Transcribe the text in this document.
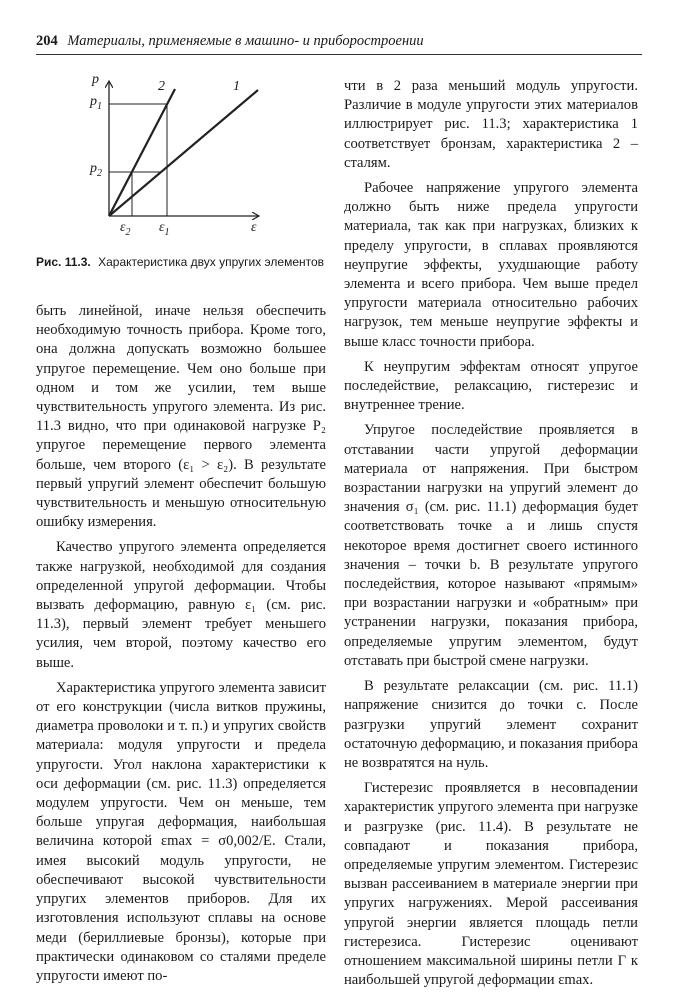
204 Материалы, применяемые в машино- и приборостроении
p
$p_1$
$p_2$
$\varepsilon_2$ $\varepsilon_1$	ε
2	1
Рис. 11.3. Характеристика двух упругих элементов

быть линейной, иначе нельзя обеспечить необходимую точность прибора. Кроме того, она должна допускать возможно большее упругое перемещение. Чем оно больше при одном и том же усилии, тем выше чувствительность упругого элемента. Из рис. 11.3 видно, что при одинаковой нагрузке P₂ упругое перемещение первого элемента больше, чем второго (ε₁ > ε₂). В результате первый упругий элемент обеспечит большую чувствительность и меньшую относительную ошибку измерения.

Качество упругого элемента определяется также нагрузкой, необходимой для создания определенной упругой деформации. Чтобы вызвать деформацию, равную ε₁ (см. рис. 11.3), первый элемент требует меньшего усилия, чем второй, поэтому качество его выше.

Характеристика упругого элемента зависит от его конструкции (числа витков пружины, диаметра проволоки и т. п.) и упругих свойств материала: модуля упругости и предела упругости. Угол наклона характеристики к оси деформации (см. рис. 11.3) определяется модулем упругости. Чем он меньше, тем больше упругая деформация, наибольшая величина которой εmax = σ0,002/E. Стали, имея высокий модуль упругости, не обеспечивают высокой чувствительности упругих элементов приборов. Для их изготовления используют сплавы на основе меди (бериллиевые бронзы), которые при практически одинаковом со сталями пределе упругости имеют по-

чти в 2 раза меньший модуль упругости. Различие в модуле упругости этих материалов иллюстрирует рис. 11.3; характеристика 1 соответствует бронзам, характеристика 2 – сталям.

Рабочее напряжение упругого элемента должно быть ниже предела упругости материала, так как при нагрузках, близких к пределу упругости, в сплавах проявляются неупругие эффекты, ухудшающие работу элемента и всего прибора. Чем выше предел упругости материала относительно рабочих нагрузок, тем меньше неупругие эффекты и выше класс точности прибора.

К неупругим эффектам относят упругое последействие, релаксацию, гистерезис и внутреннее трение.

Упругое последействие проявляется в отставании части упругой деформации материала от напряжения. При быстром возрастании нагрузки на упругий элемент до значения σ₁ (см. рис. 11.1) деформация будет соответствовать точке a и лишь спустя некоторое время достигнет своего истинного значения – точки b. В результате упругого последействия, которое называют «прямым» при возрастании нагрузки и «обратным» при устранении нагрузки, показания прибора, определяемые упругим элементом, будут отставать при быстрой смене нагрузки.

В результате релаксации (см. рис. 11.1) напряжение снизится до точки c. После разгрузки упругий элемент сохранит остаточную деформацию, и показания прибора не возвратятся на нуль.

Гистерезис проявляется в несовпадении характеристик упругого элемента при нагрузке и разгрузке (рис. 11.4). В результате не совпадают и показания прибора, определяемые упругим элементом. Гистерезис вызван рассеиванием в материале энергии при упругих нагружениях. Мерой рассеивания упругой энергии является площадь петли гистерезиса. Гистерезис оценивают отношением максимальной ширины петли Г к наибольшей упругой деформации εmax.
